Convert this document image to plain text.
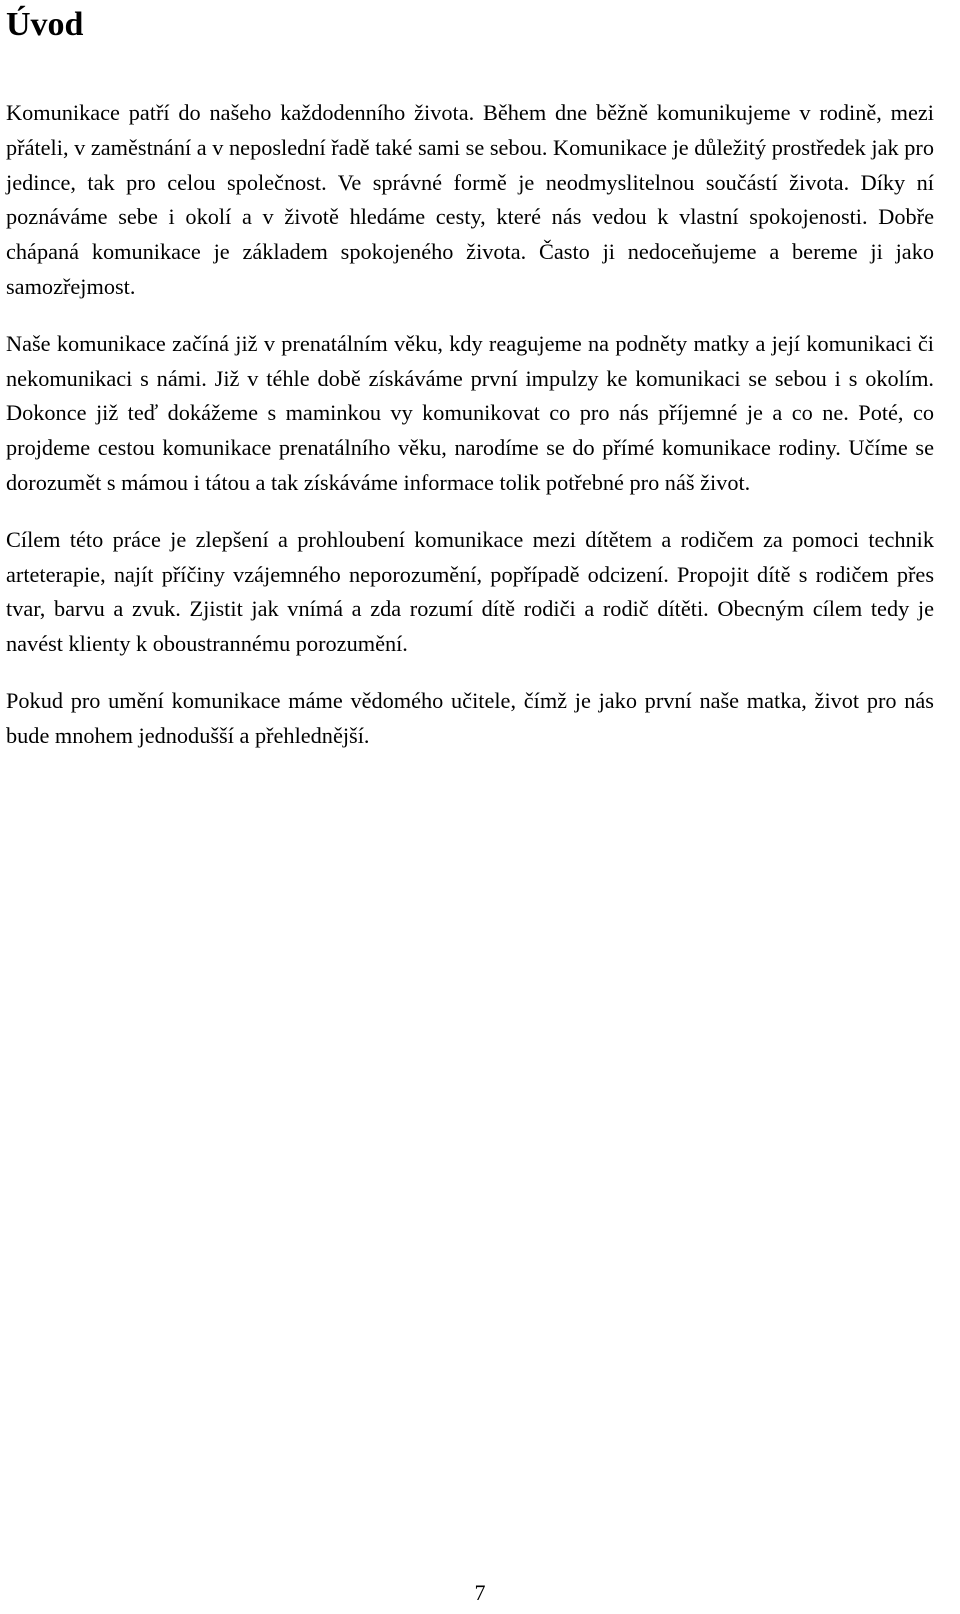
Úvod

Komunikace patří do našeho každodenního života. Během dne běžně komunikujeme v rodině, mezi přáteli, v zaměstnání a v neposlední řadě také sami se sebou. Komunikace je důležitý prostředek jak pro jedince, tak pro celou společnost. Ve správné formě je neodmyslitelnou součástí života. Díky ní poznáváme sebe i okolí a v životě hledáme cesty, které nás vedou k vlastní spokojenosti. Dobře chápaná komunikace je základem spokojeného života. Často ji nedoceňujeme a bereme ji jako samozřejmost.

Naše komunikace začíná již v prenatálním věku, kdy reagujeme na podněty matky a její komunikaci či nekomunikaci s námi. Již v téhle době získáváme první impulzy ke komunikaci se sebou i s okolím. Dokonce již teď dokážeme s maminkou vy komunikovat co pro nás příjemné je a co ne. Poté, co projdeme cestou komunikace prenatálního věku, narodíme se do přímé komunikace rodiny. Učíme se dorozumět s mámou i tátou a tak získáváme informace tolik potřebné pro náš život.

Cílem této práce je zlepšení a prohloubení komunikace mezi dítětem a rodičem za pomoci technik arteterapie, najít příčiny vzájemného neporozumění, popřípadě odcizení. Propojit dítě s rodičem přes tvar, barvu a zvuk. Zjistit jak vnímá a zda rozumí dítě rodiči a rodič dítěti. Obecným cílem tedy je navést klienty k oboustrannému porozumění.

Pokud pro umění komunikace máme vědomého učitele, čímž je jako první naše matka, život pro nás bude mnohem jednodušší a přehlednější.

7
